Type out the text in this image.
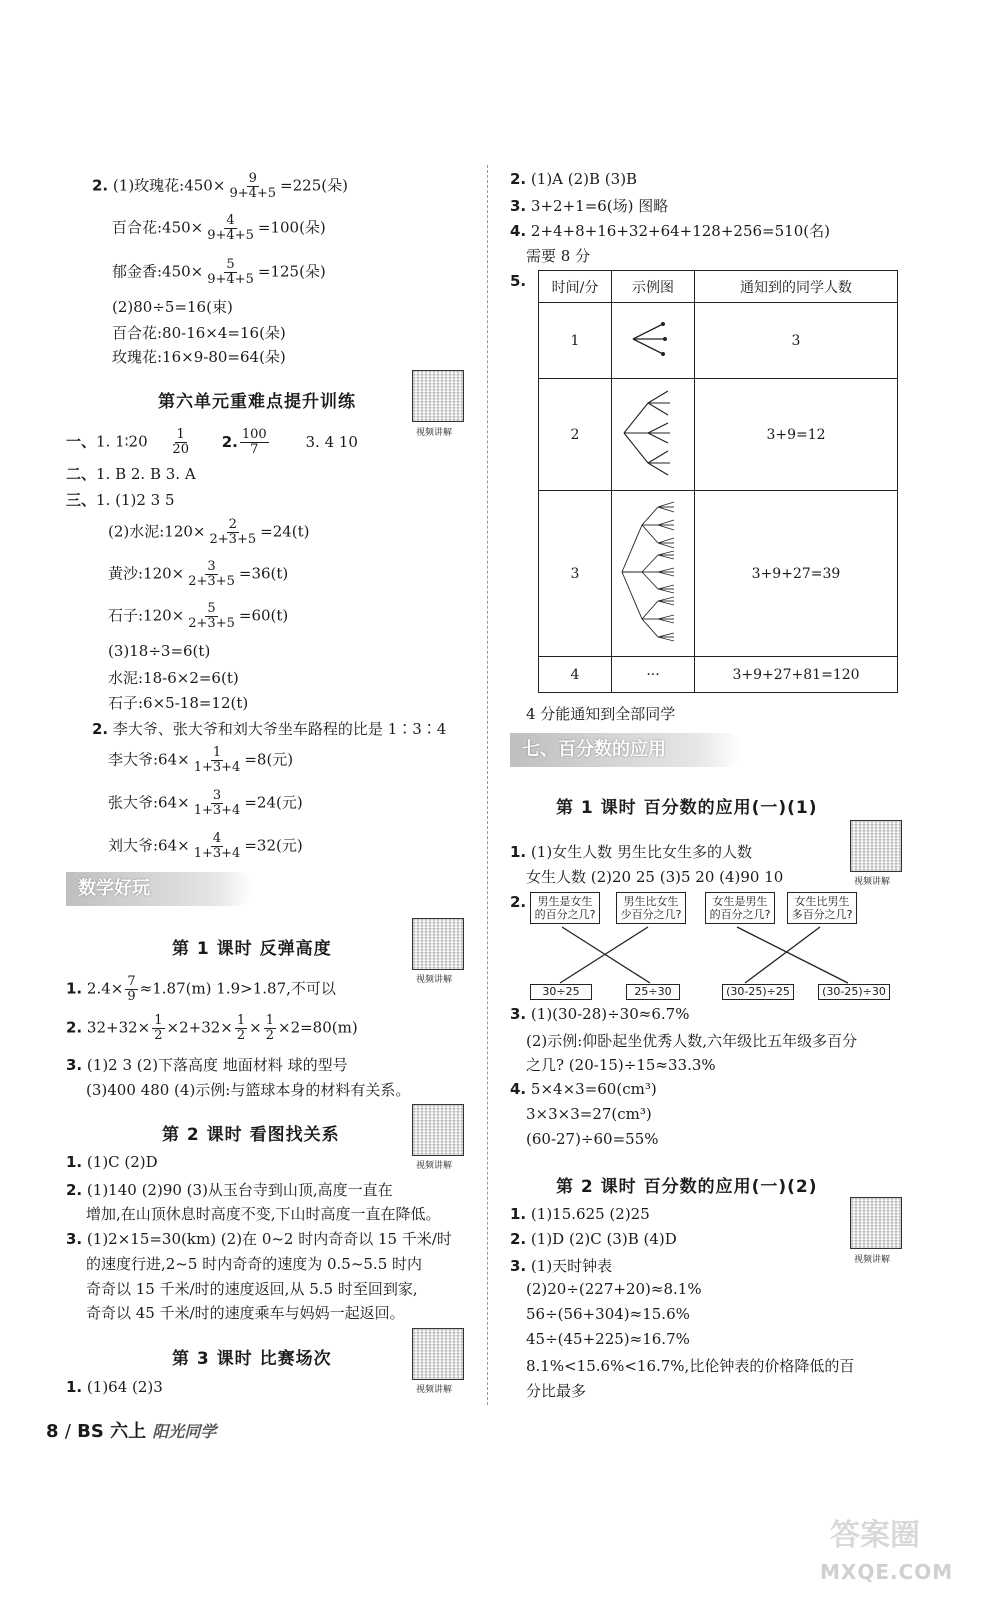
2. (1)玫瑰花:450× $\frac{9}{9+4+5} =225$(朵)
百合花:450× $\frac{4}{9+4+5} =100$(朵)
郁金香:450× $\frac{5}{9+4+5} =125$(朵)
(2)80÷5=16(束)
百合花:80-16×4=16(朵)
玫瑰花:16×9-80=64(朵)
第六单元重难点提升训练
视频讲解
一、1. 1∶20 $\frac{1}{20} 2$. $\frac{100}{7} 3$. 4 10
二、1. B 2. B 3. A
三、1. (1)2 3 5
(2)水泥:120× $\frac{2}{2+3+5} =24(t)$
黄沙:120× $\frac{3}{2+3+5} =36(t)$
石子:120× $\frac{5}{2+3+5} =60(t)$
(3)18÷3=6(t)
水泥:18-6×2=6(t)
石子:6×5-18=12(t)
2. 李大爷、张大爷和刘大爷坐车路程的比是 1∶3∶4
李大爷:64× $\frac{1}{1+3+4} =8$(元)
张大爷:64× $\frac{3}{1+3+4} =24$(元)
刘大爷:64× $\frac{4}{1+3+4} =32$(元)
数学好玩
第 1 课时 反弹高度
视频讲解
1. $2.4\times \frac{7}{9} \approx 1.87(m)$ 1.9>1.87,不可以
2. $32+32\times \frac{1}{2} \times 2+32\times \frac{1}{2} \times \frac{1}{2} \times 2=80(m)$
3. (1)2 3 (2)下落高度 地面材料 球的型号
(3)400 480 (4)示例:与篮球本身的材料有关系。
第 2 课时 看图找关系
视频讲解
1. (1)C (2)D
2. (1)140 (2)90 (3)从玉台寺到山顶,高度一直在
增加,在山顶休息时高度不变,下山时高度一直在降低。
3. (1)2×15=30(km) (2)在 0~2 时内奇奇以 15 千米/时
的速度行进,2~5 时内奇奇的速度为 0.5~5.5 时内
奇奇以 15 千米/时的速度返回,从 5.5 时至回到家,
奇奇以 45 千米/时的速度乘车与妈妈一起返回。
第 3 课时 比赛场次
视频讲解
1. (1)64 (2)3
2. (1)A (2)B (3)B
3. 3+2+1=6(场) 图略
4. 2+4+8+16+32+64+128+256=510(名)
需要 8 分
5. 时间/分	示例图	通知到的同学人数
1		3
2		3+9=12
3		3+9+27=39
4	···	3+9+27+81=120
4 分能通知到全部同学
七、百分数的应用
第 1 课时 百分数的应用(一)(1)
视频讲解
1. (1)女生人数 男生比女生多的人数
女生人数 (2)20 25 (3)5 20 (4)90 10
2.	男生是女生的百分之几?
男生比女生少百分之几?
女生是男生的百分之几?
女生比男生多百分之几?
30÷25	25÷30	(30-25)÷25	(30-25)÷30
3. (1)(30-28)÷30≈6.7%
(2)示例:仰卧起坐优秀人数,六年级比五年级多百分
之几? (20-15)÷15≈33.3%
4. 5×4×3=60(cm³)
3×3×3=27(cm³)
(60-27)÷60=55%
第 2 课时 百分数的应用(一)(2)
视频讲解
1. (1)15.625 (2)25
2. (1)D (2)C (3)B (4)D
3. (1)天时钟表
(2)20÷(227+20)≈8.1%
56÷(56+304)≈15.6%
45÷(45+225)≈16.7%
8.1%<15.6%<16.7%,比伦钟表的价格降低的百
分比最多
8 / BS 六上 阳光同学
答案圈
MXQE.COM
